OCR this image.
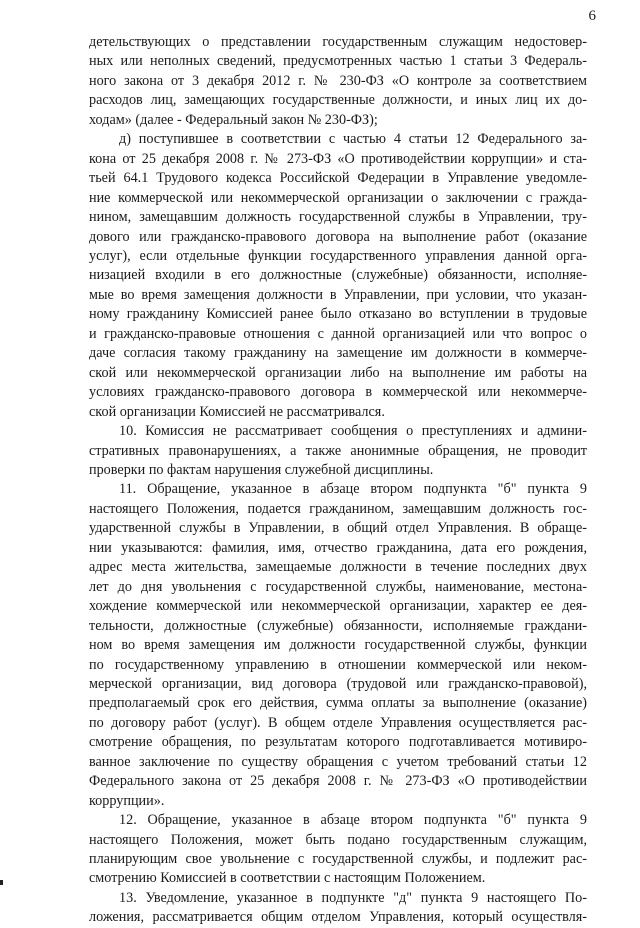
6
детельствующих о представлении государственным служащим недостовер-
ных или неполных сведений, предусмотренных частью 1 статьи 3 Федераль-
ного закона от 3 декабря 2012 г. № 230-ФЗ «О контроле за соответствием
расходов лиц, замещающих государственные должности, и иных лиц их до-
ходам» (далее - Федеральный закон № 230-ФЗ);
д) поступившее в соответствии с частью 4 статьи 12 Федерального за-
кона от 25 декабря 2008 г. № 273-ФЗ «О противодействии коррупции» и ста-
тьей 64.1 Трудового кодекса Российской Федерации в Управление уведомле-
ние коммерческой или некоммерческой организации о заключении с гражда-
нином, замещавшим должность государственной службы в Управлении, тру-
дового или гражданско-правового договора на выполнение работ (оказание
услуг), если отдельные функции государственного управления данной орга-
низацией входили в его должностные (служебные) обязанности, исполняе-
мые во время замещения должности в Управлении, при условии, что указан-
ному гражданину Комиссией ранее было отказано во вступлении в трудовые
и гражданско-правовые отношения с данной организацией или что вопрос о
даче согласия такому гражданину на замещение им должности в коммерче-
ской или некоммерческой организации либо на выполнение им работы на
условиях гражданско-правового договора в коммерческой или некоммерче-
ской организации Комиссией не рассматривался.
10. Комиссия не рассматривает сообщения о преступлениях и админи-
стративных правонарушениях, а также анонимные обращения, не проводит
проверки по фактам нарушения служебной дисциплины.
11. Обращение, указанное в абзаце втором подпункта "б" пункта 9
настоящего Положения, подается гражданином, замещавшим должность гос-
ударственной службы в Управлении, в общий отдел Управления. В обраще-
нии указываются: фамилия, имя, отчество гражданина, дата его рождения,
адрес места жительства, замещаемые должности в течение последних двух
лет до дня увольнения с государственной службы, наименование, местона-
хождение коммерческой или некоммерческой организации, характер ее дея-
тельности, должностные (служебные) обязанности, исполняемые граждани-
ном во время замещения им должности государственной службы, функции
по государственному управлению в отношении коммерческой или неком-
мерческой организации, вид договора (трудовой или гражданско-правовой),
предполагаемый срок его действия, сумма оплаты за выполнение (оказание)
по договору работ (услуг). В общем отделе Управления осуществляется рас-
смотрение обращения, по результатам которого подготавливается мотивиро-
ванное заключение по существу обращения с учетом требований статьи 12
Федерального закона от 25 декабря 2008 г. № 273-ФЗ «О противодействии
коррупции».
12. Обращение, указанное в абзаце втором подпункта "б" пункта 9
настоящего Положения, может быть подано государственным служащим,
планирующим свое увольнение с государственной службы, и подлежит рас-
смотрению Комиссией в соответствии с настоящим Положением.
13. Уведомление, указанное в подпункте "д" пункта 9 настоящего По-
ложения, рассматривается общим отделом Управления, который осуществля-
